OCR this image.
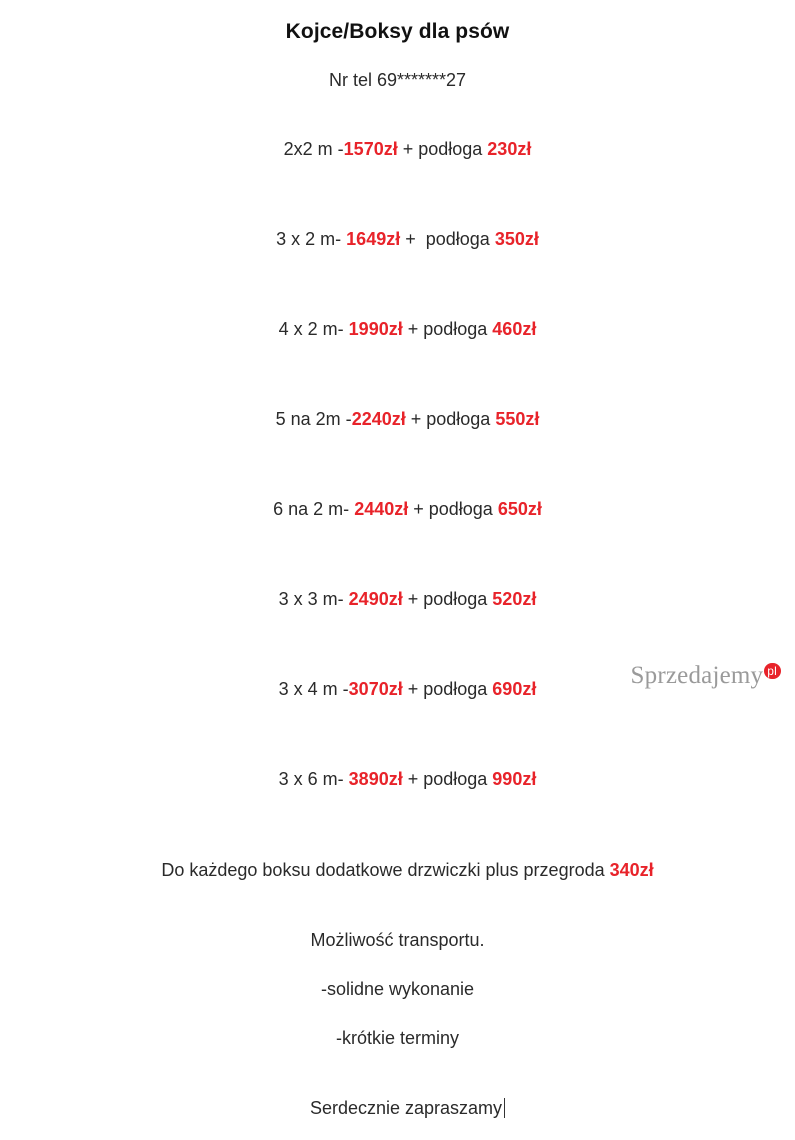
Kojce/Boksy dla psów
Nr tel 69*******27

2x2 m -1570zł + podłoga 230zł

3 x 2 m- 1649zł +  podłoga 350zł

4 x 2 m- 1990zł + podłoga 460zł

5 na 2m -2240zł + podłoga 550zł

6 na 2 m- 2440zł + podłoga 650zł

3 x 3 m- 2490zł + podłoga 520zł

3 x 4 m -3070zł + podłoga 690zł

3 x 6 m- 3890zł + podłoga 990zł

Do każdego boksu dodatkowe drzwiczki plus przegroda 340zł

Możliwość transportu.
-solidne wykonanie
-krótkie terminy

Serdecznie zapraszamy

Sprzedajemy pl
